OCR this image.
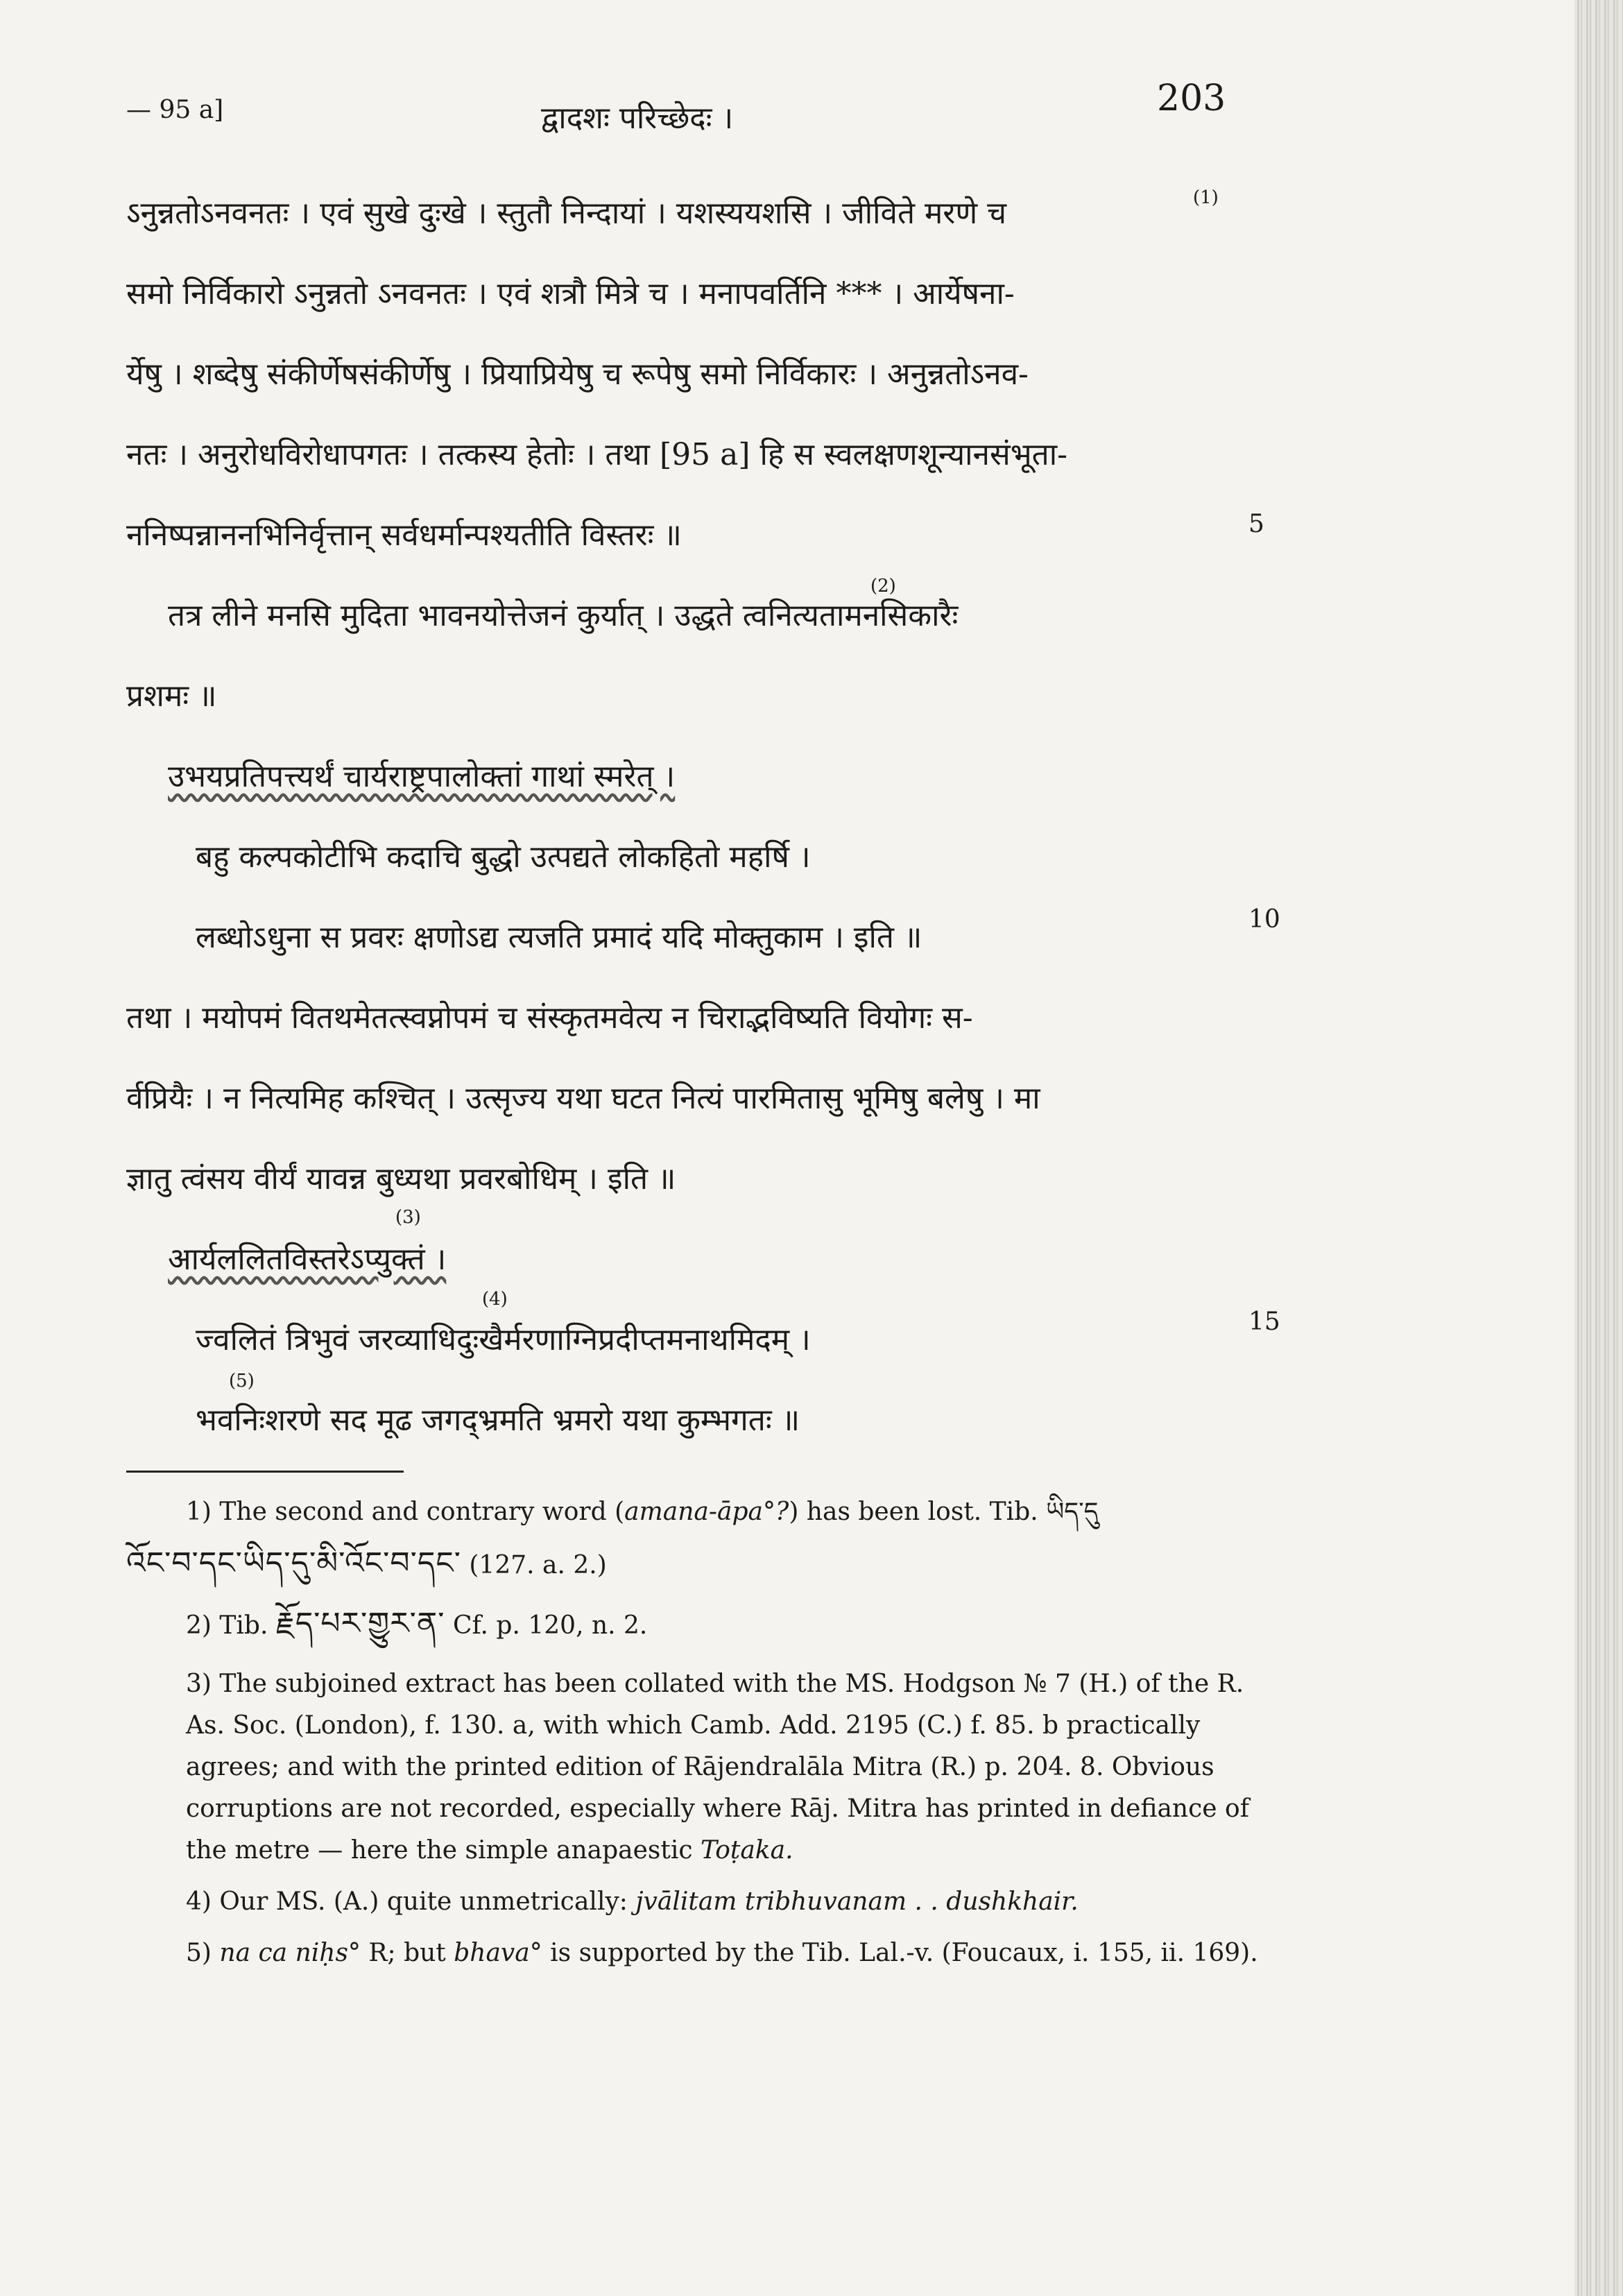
— 95 a]	द्वादशः परिच्छेदः ।	203
ऽनुन्नतोऽनवनतः । एवं सुखे दुःखे । स्तुतौ निन्दायां । यशस्ययशसि । जीविते मरणे च
समो निर्विकारो ऽनुन्नतो ऽनवनतः । एवं शत्रौ मित्रे च । मनापवर्तिनि *** । आर्येषना-
र्येषु । शब्देषु संकीर्णेषसंकीर्णेषु । प्रियाप्रियेषु च रूपेषु समो निर्विकारः । अनुन्नतोऽनव-
नतः । अनुरोधविरोधापगतः । तत्कस्य हेतोः । तथा [95 a] हि स स्वलक्षणशून्यानसंभूता-
ननिष्पन्नाननभिनिर्वृत्तान् सर्वधर्मान्पश्यतीति विस्तरः ॥
तत्र लीने मनसि मुदिता भावनयोत्तेजनं कुर्यात् । उद्धते त्वनित्यतामनसिकारैः
प्रशमः ॥
उभयप्रतिपत्त्यर्थं चार्यराष्ट्रपालोक्तां गाथां स्मरेत् ।
बहु कल्पकोटीभि कदाचि बुद्धो उत्पद्यते लोकहितो महर्षि ।
लब्धोऽधुना स प्रवरः क्षणोऽद्य त्यजति प्रमादं यदि मोक्तुकाम । इति ॥
तथा । मयोपमं वितथमेतत्स्वप्नोपमं च संस्कृतमवेत्य न चिराद्भविष्यति वियोगः स-
र्वप्रियैः । न नित्यमिह कश्चित् । उत्सृज्य यथा घटत नित्यं पारमितासु भूमिषु बलेषु । मा
ज्ञातु त्वंसय वीर्यं यावन्न बुध्यथा प्रवरबोधिम् । इति ॥
आर्यललितविस्तरेऽप्युक्तं ।
ज्वलितं त्रिभुवं जरव्याधिदुःखैर्मरणाग्निप्रदीप्तमनाथमिदम् ।
भवनिःशरणे सद मूढ जगद्भ्रमति भ्रमरो यथा कुम्भगतः ॥
(1)
(2)
(3)
(4)
(5)
5
10
15
1) The second and contrary word (amana-āpa°?) has been lost. Tib. ཡིད་དུ
འོང་བ་དང་ཡིད་དུ་མི་འོང་བ་དང་ (127. a. 2.)
2) Tib. རྗོད་པར་གྱུར་ན་ Cf. p. 120, n. 2.
3) The subjoined extract has been collated with the MS. Hodgson № 7 (H.) of the R. As. Soc. (London), f. 130. a, with which Camb. Add. 2195 (C.) f. 85. b practically agrees; and with the printed edition of Rājendralāla Mitra (R.) p. 204. 8. Obvious corruptions are not recorded, especially where Rāj. Mitra has printed in defiance of the metre — here the simple anapaestic Toṭaka.
4) Our MS. (A.) quite unmetrically: jvālitam tribhuvanam . . dushkhair.
5) na ca niḥs° R; but bhava° is supported by the Tib. Lal.-v. (Foucaux, i. 155, ii. 169).
